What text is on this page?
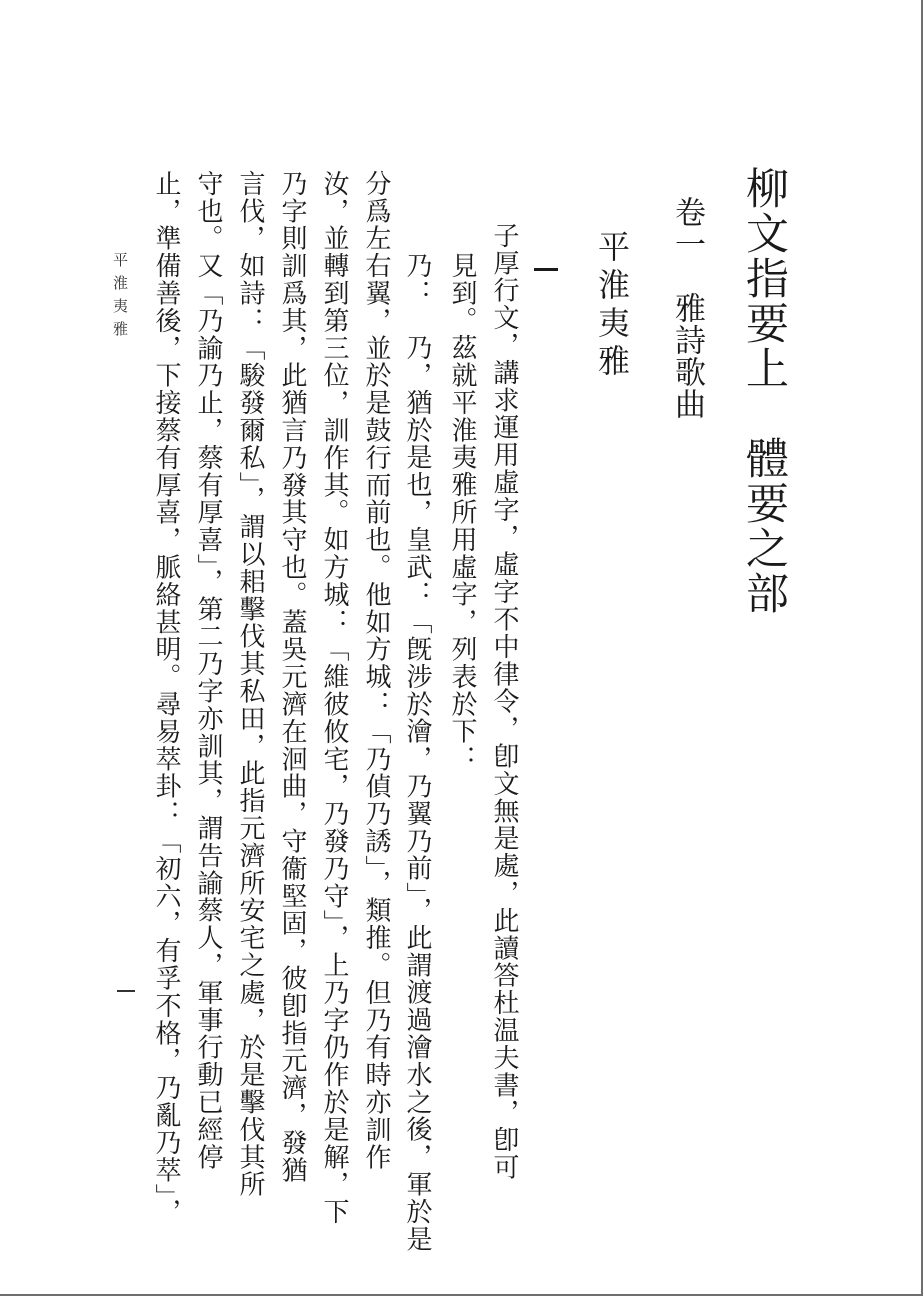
柳文指要上　體要之部
卷一　雅詩歌曲
平淮夷雅
子厚行文，講求運用虛字，虛字不中律令，卽文無是處，此讀答杜温夫書，卽可
見到。茲就平淮夷雅所用虛字，列表於下：
乃：　乃，猶於是也，皇武：「旣涉於澮，乃翼乃前」，此謂渡過澮水之後，軍於是
分爲左右翼，並於是鼓行而前也。他如方城：「乃偵乃誘」，類推。但乃有時亦訓作
汝，並轉到第三位，訓作其。如方城：「維彼攸宅，乃發乃守」，上乃字仍作於是解，下
乃字則訓爲其，此猶言乃發其守也。蓋吳元濟在洄曲，守衞堅固，彼卽指元濟，發猶
言伐，如詩：「駿發爾私」，謂以耜擊伐其私田，此指元濟所安宅之處，於是擊伐其所
守也。又「乃諭乃止，蔡有厚喜」，第二乃字亦訓其，謂告諭蔡人，軍事行動已經停
止，準備善後，下接蔡有厚喜，脈絡甚明。尋易萃卦：「初六，有孚不格，乃亂乃萃」，
平淮夷雅
